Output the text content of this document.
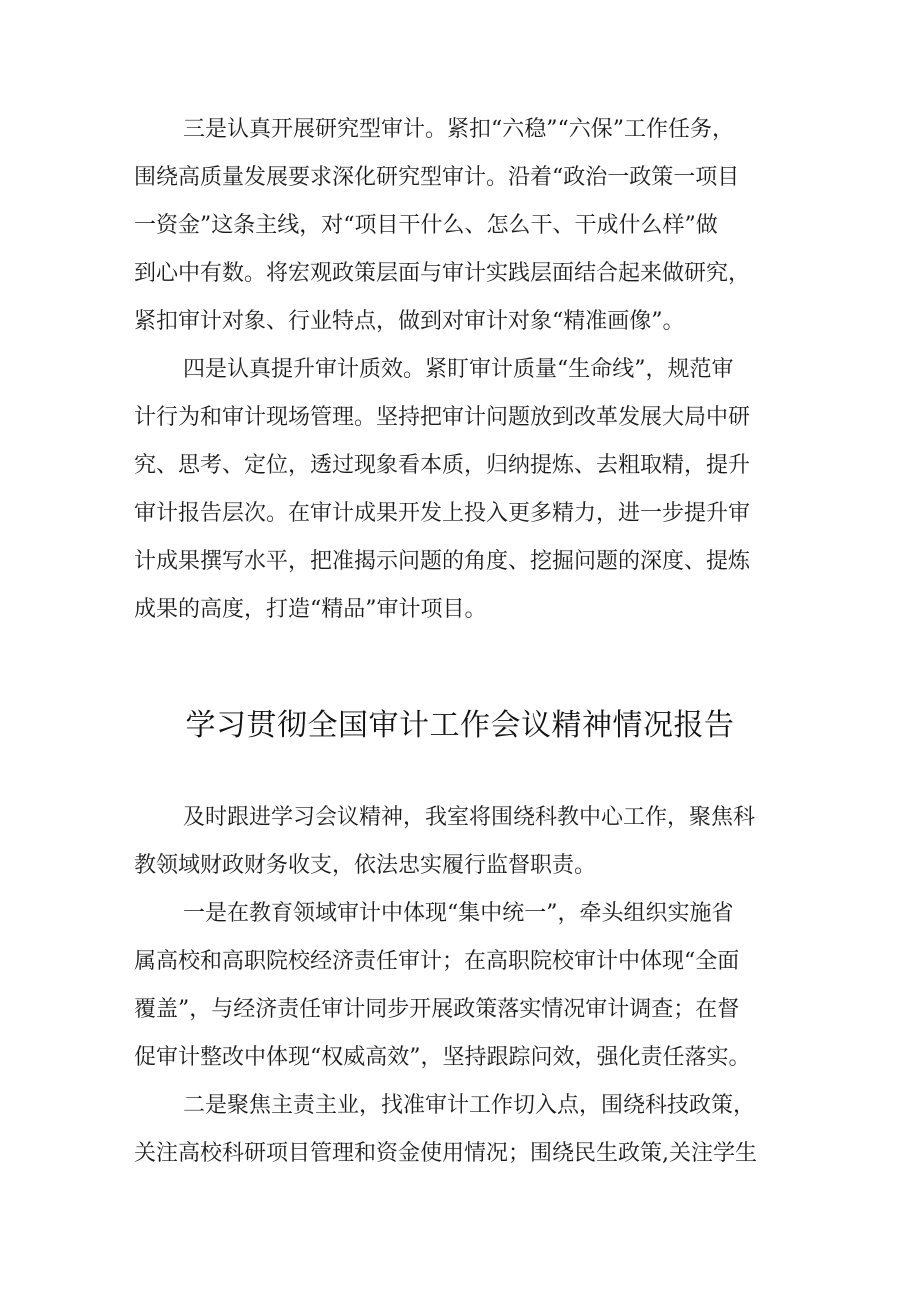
三是认真开展研究型审计。紧扣“六稳”“六保”工作任务，
围绕高质量发展要求深化研究型审计。沿着“政治一政策一项目
一资金”这条主线，对“项目干什么、怎么干、干成什么样”做
到心中有数。将宏观政策层面与审计实践层面结合起来做研究，
紧扣审计对象、行业特点，做到对审计对象“精准画像”。
四是认真提升审计质效。紧盯审计质量“生命线”，规范审
计行为和审计现场管理。坚持把审计问题放到改革发展大局中研
究、思考、定位，透过现象看本质，归纳提炼、去粗取精，提升
审计报告层次。在审计成果开发上投入更多精力，进一步提升审
计成果撰写水平，把准揭示问题的角度、挖掘问题的深度、提炼
成果的高度，打造“精品”审计项目。
学习贯彻全国审计工作会议精神情况报告
及时跟进学习会议精神，我室将围绕科教中心工作，聚焦科
教领域财政财务收支，依法忠实履行监督职责。
一是在教育领域审计中体现“集中统一”，牵头组织实施省
属高校和高职院校经济责任审计；在高职院校审计中体现“全面
覆盖”，与经济责任审计同步开展政策落实情况审计调查；在督
促审计整改中体现“权威高效”，坚持跟踪问效，强化责任落实。
二是聚焦主责主业，找准审计工作切入点，围绕科技政策，
关注高校科研项目管理和资金使用情况；围绕民生政策,关注学生
